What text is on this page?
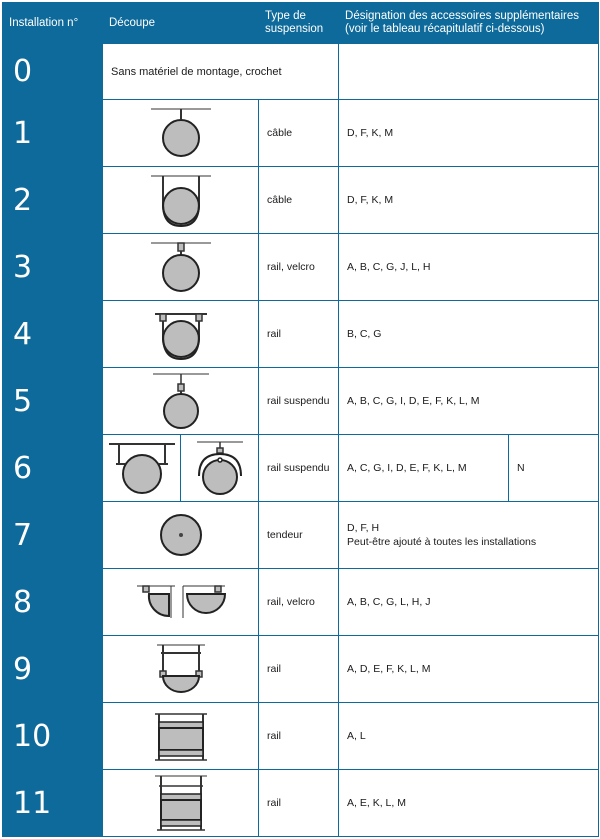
Installation n°	Découpe		Type de suspension	Désignation des accessoires supplémentaires (voir le tableau récapitulatif ci-dessous)	
0	Sans matériel de montage, crochet				
1			câble	D, F, K, M	
2			câble	D, F, K, M	
3			rail, velcro	A, B, C, G, J, L, H	
4			rail	B, C, G	
5			rail suspendu	A, B, C, G, I, D, E, F, K, L, M	
6			rail suspendu	A, C, G, I, D, E, F, K, L, M	N
7			tendeur	D, F, H
Peut-être ajouté à toutes les installations	

8			rail, velcro	A, B, C, G, L, H, J	
9			rail	A, D, E, F, K, L, M	
10			rail	A, L	
11			rail	A, E, K, L, M	
